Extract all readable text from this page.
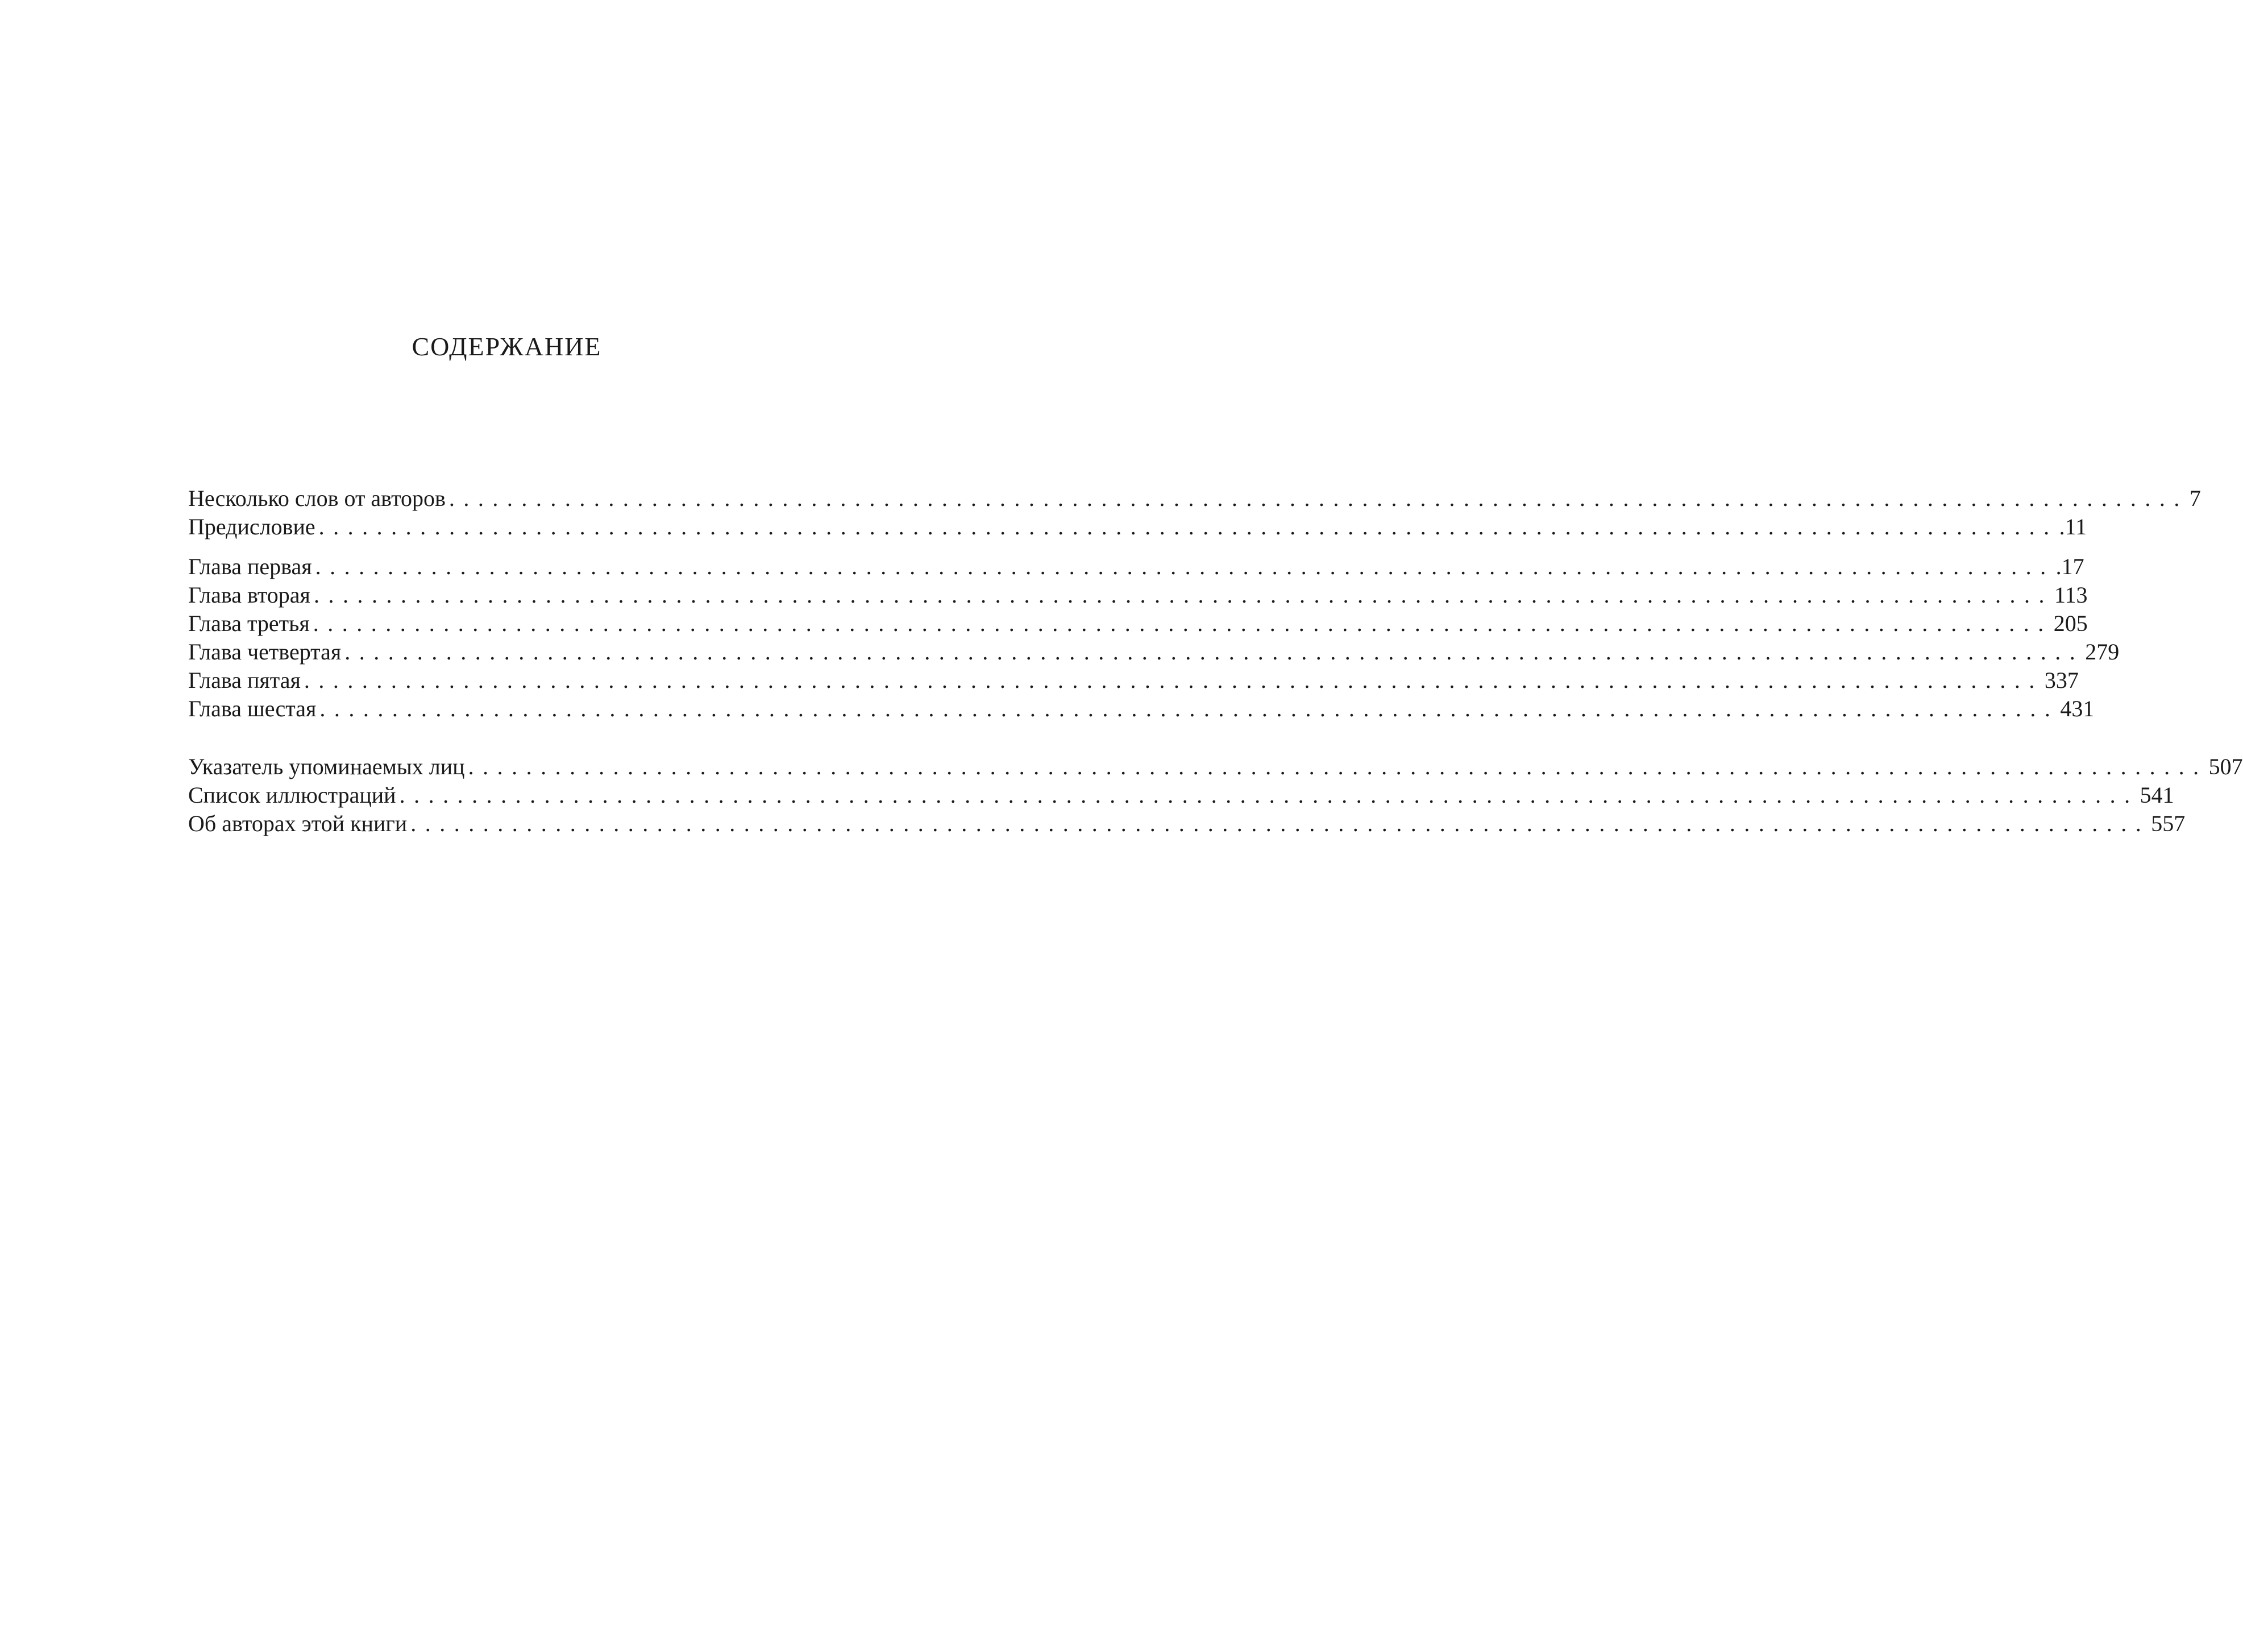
СОДЕРЖАНИЕ
Несколько слов от авторов ........................................................................................................................ 7
Предисловие ........................................................................................................................ .11
Глава первая ........................................................................................................................ .17
Глава вторая ........................................................................................................................ 113
Глава третья ........................................................................................................................ 205
Глава четвертая ........................................................................................................................ 279
Глава пятая ........................................................................................................................ 337
Глава шестая ........................................................................................................................ 431
Указатель упоминаемых лиц ........................................................................................................................ 507
Список иллюстраций ........................................................................................................................ 541
Об авторах этой книги ........................................................................................................................ 557
